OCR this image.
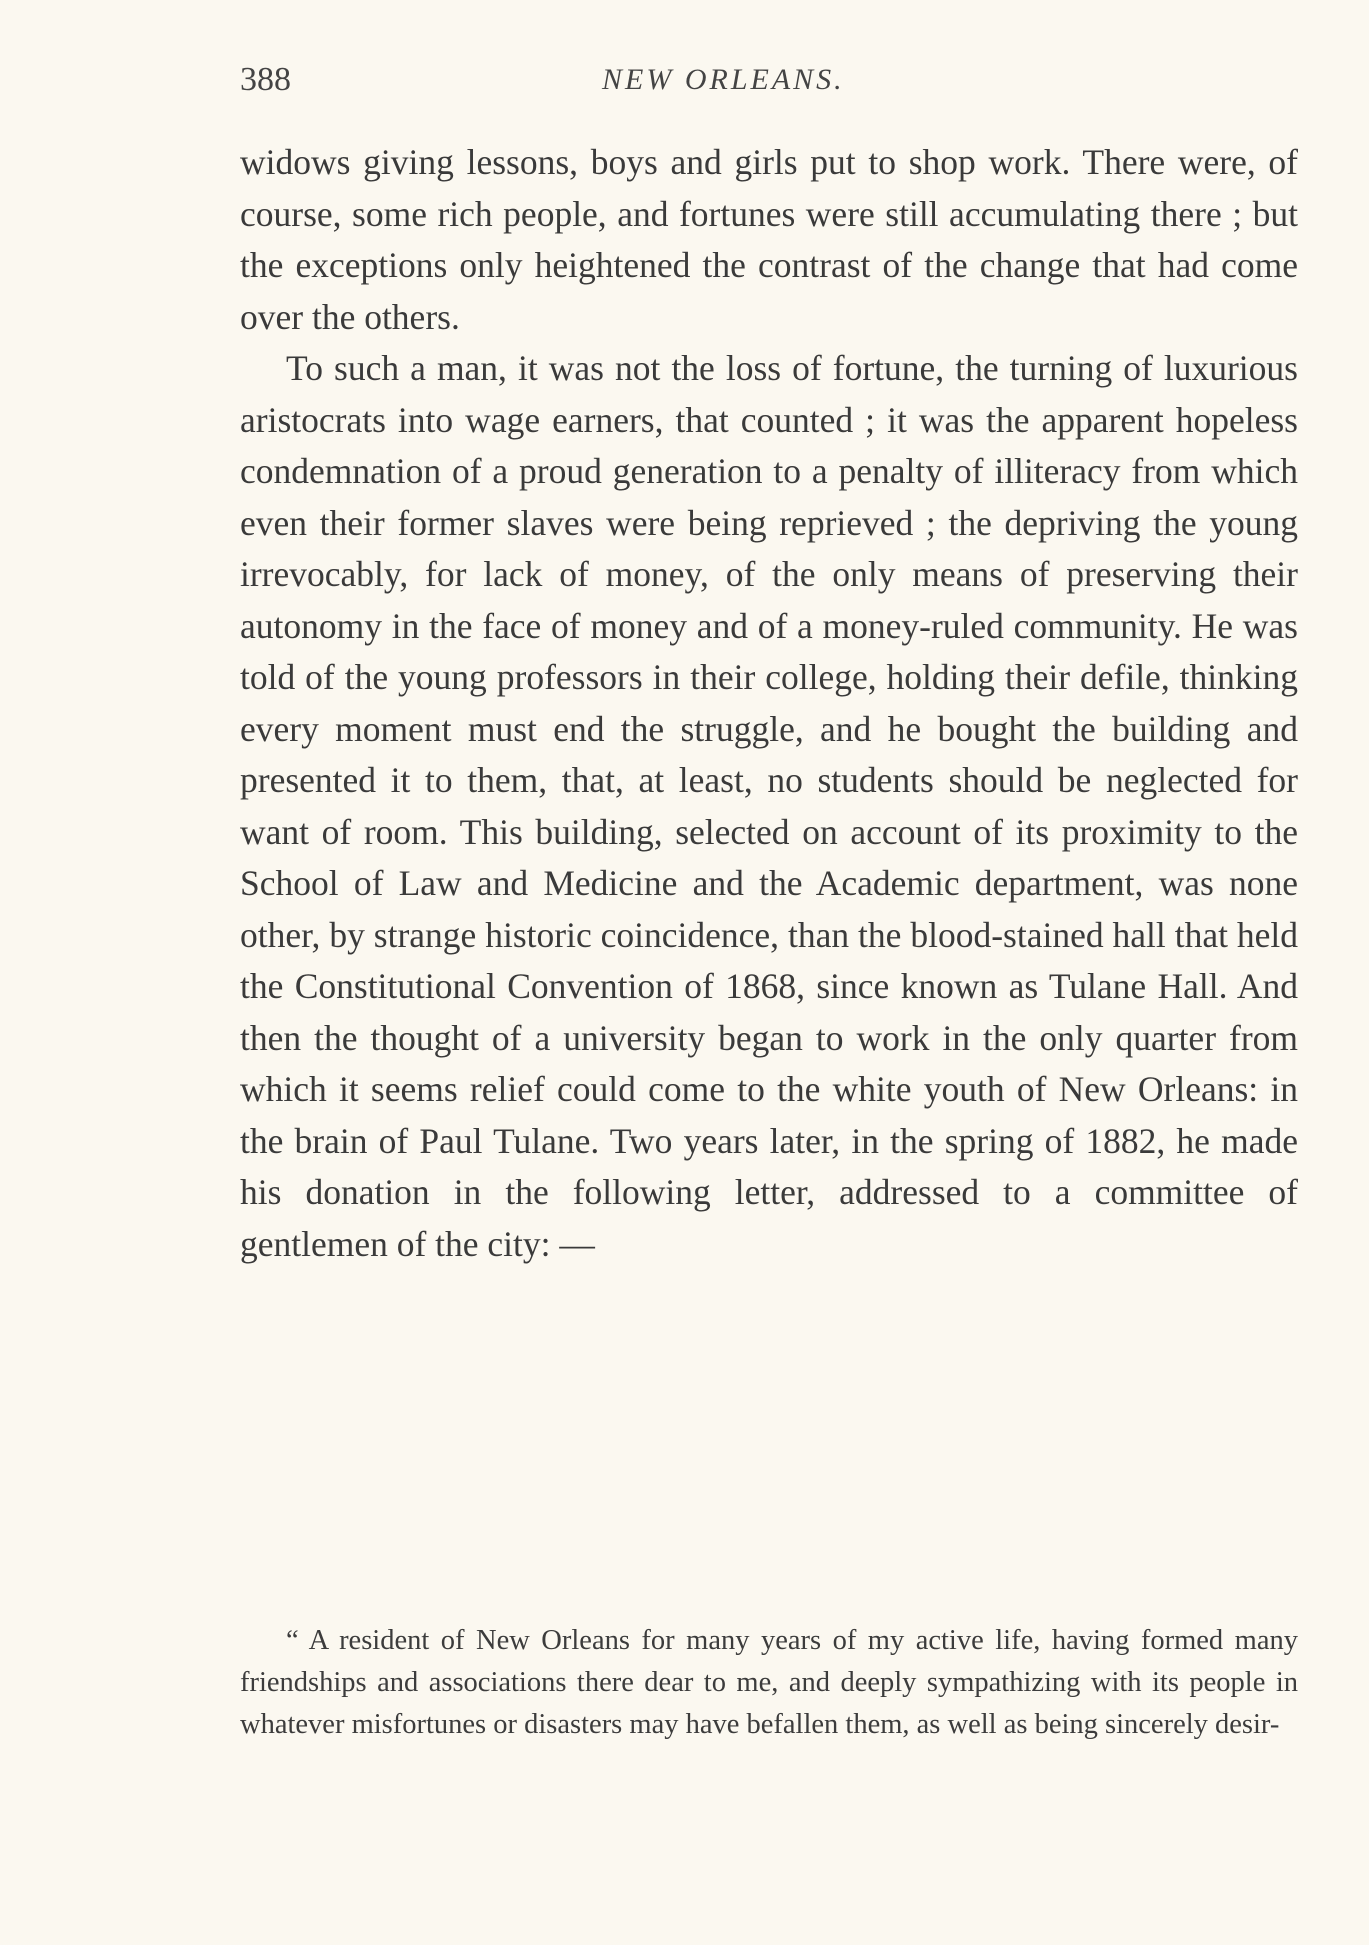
388	NEW ORLEANS.

widows giving lessons, boys and girls put to shop work. There were, of course, some rich people, and fortunes were still accumulating there ; but the exceptions only heightened the contrast of the change that had come over the others.

To such a man, it was not the loss of fortune, the turning of luxurious aristocrats into wage earners, that counted ; it was the apparent hopeless condemnation of a proud generation to a penalty of illiteracy from which even their former slaves were being reprieved ; the depriving the young irrevocably, for lack of money, of the only means of preserving their autonomy in the face of money and of a money-ruled community. He was told of the young professors in their college, holding their defile, thinking every moment must end the struggle, and he bought the building and presented it to them, that, at least, no students should be neglected for want of room. This building, selected on account of its proximity to the School of Law and Medicine and the Academic department, was none other, by strange historic coincidence, than the blood-stained hall that held the Constitutional Convention of 1868, since known as Tulane Hall. And then the thought of a university began to work in the only quarter from which it seems relief could come to the white youth of New Orleans: in the brain of Paul Tulane. Two years later, in the spring of 1882, he made his donation in the following letter, addressed to a committee of gentlemen of the city: —

“ A resident of New Orleans for many years of my active life, having formed many friendships and associations there dear to me, and deeply sympathizing with its people in whatever misfortunes or disasters may have befallen them, as well as being sincerely desir-
